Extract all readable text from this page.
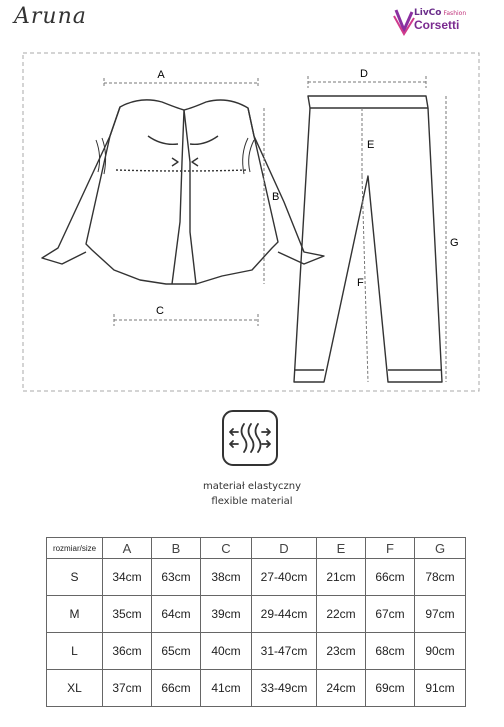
Aruna	LivCo Fashion
Corsetti
A
B
C
D
E
F
G
materiał elastyczny
flexible material
rozmiar/size	A	B	C	D	E	F	G
S	34cm	63cm	38cm	27-40cm	21cm	66cm	78cm
M	35cm	64cm	39cm	29-44cm	22cm	67cm	97cm
L	36cm	65cm	40cm	31-47cm	23cm	68cm	90cm
XL	37cm	66cm	41cm	33-49cm	24cm	69cm	91cm
